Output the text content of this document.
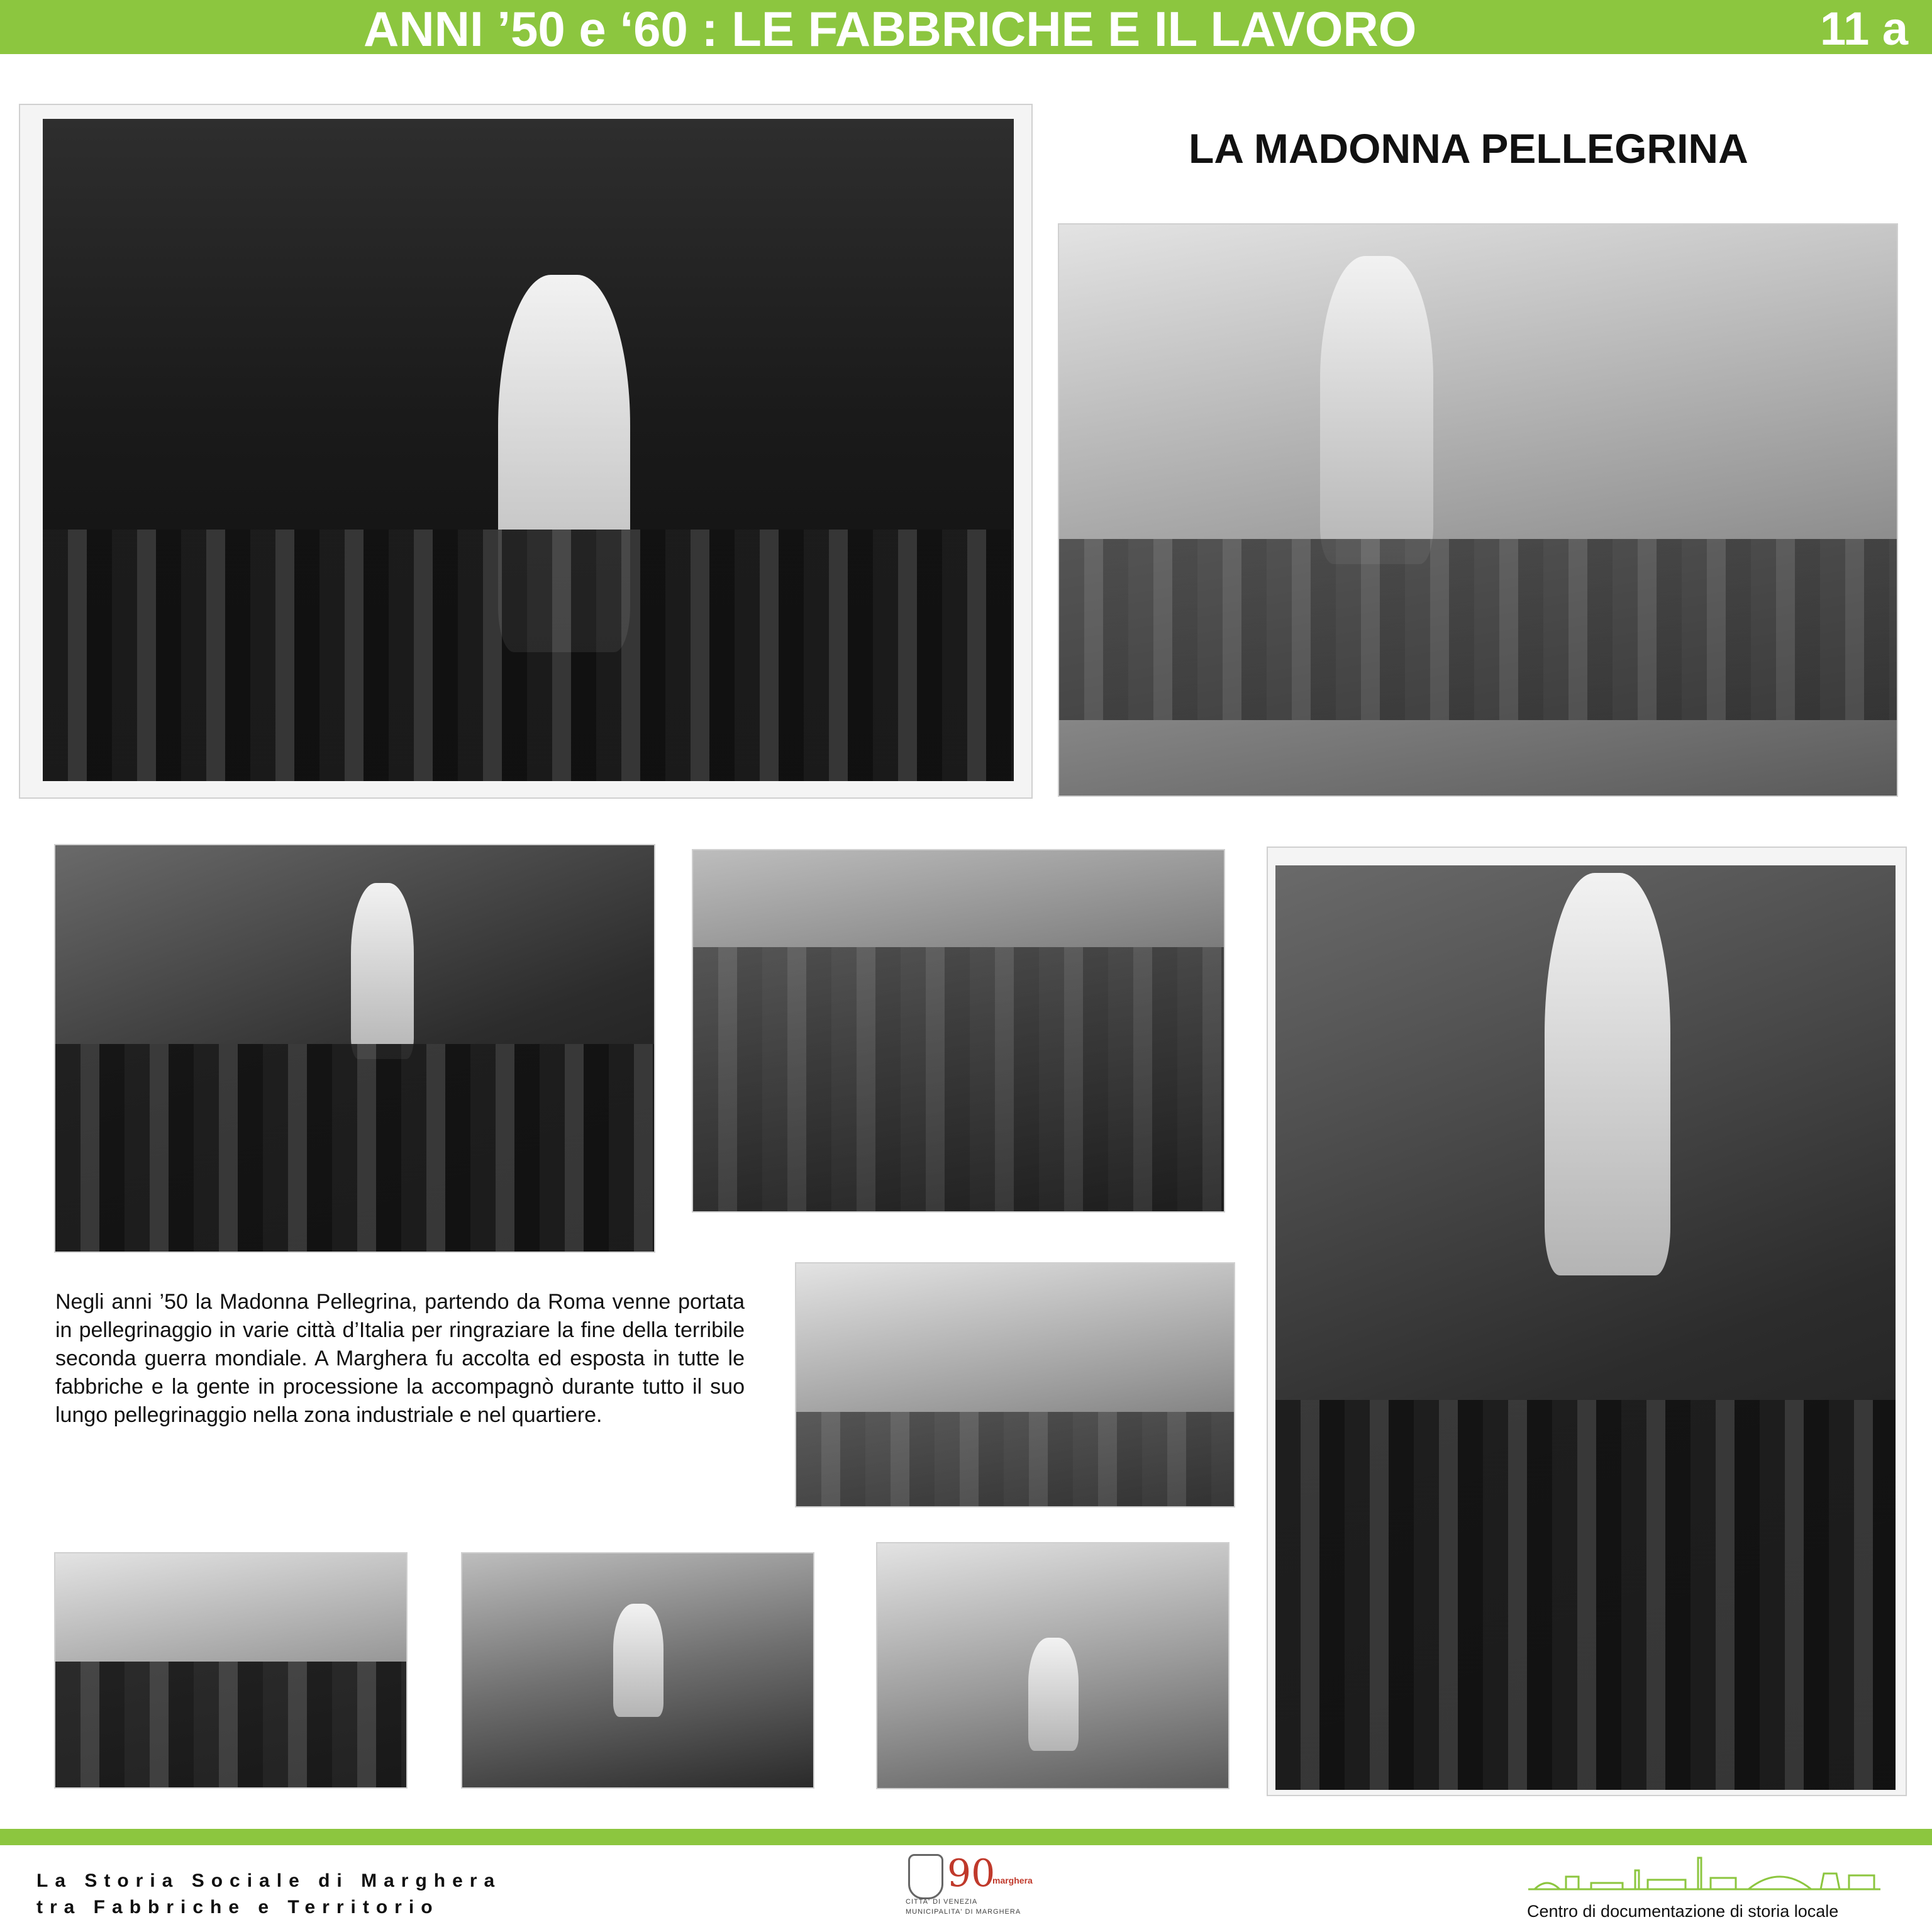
ANNI ’50 e ‘60 : LE FABBRICHE E IL LAVORO	11 a
LA MADONNA PELLEGRINA
Negli anni ’50 la Madonna Pellegrina, partendo da Roma venne portata in pellegrinaggio in varie città d’Italia per ringraziare la fine della terribile seconda guerra mondiale. A Marghera fu accolta ed esposta in tutte le fabbriche e la gente in processione la accompagnò durante tutto il suo lungo pellegrinaggio nella zona industriale e nel quartiere.
La Storia Sociale di Marghera
tra Fabbriche e Territorio
90
marghera
CITTA' DI VENEZIA
MUNICIPALITA' DI MARGHERA	Centro di documentazione di storia locale
